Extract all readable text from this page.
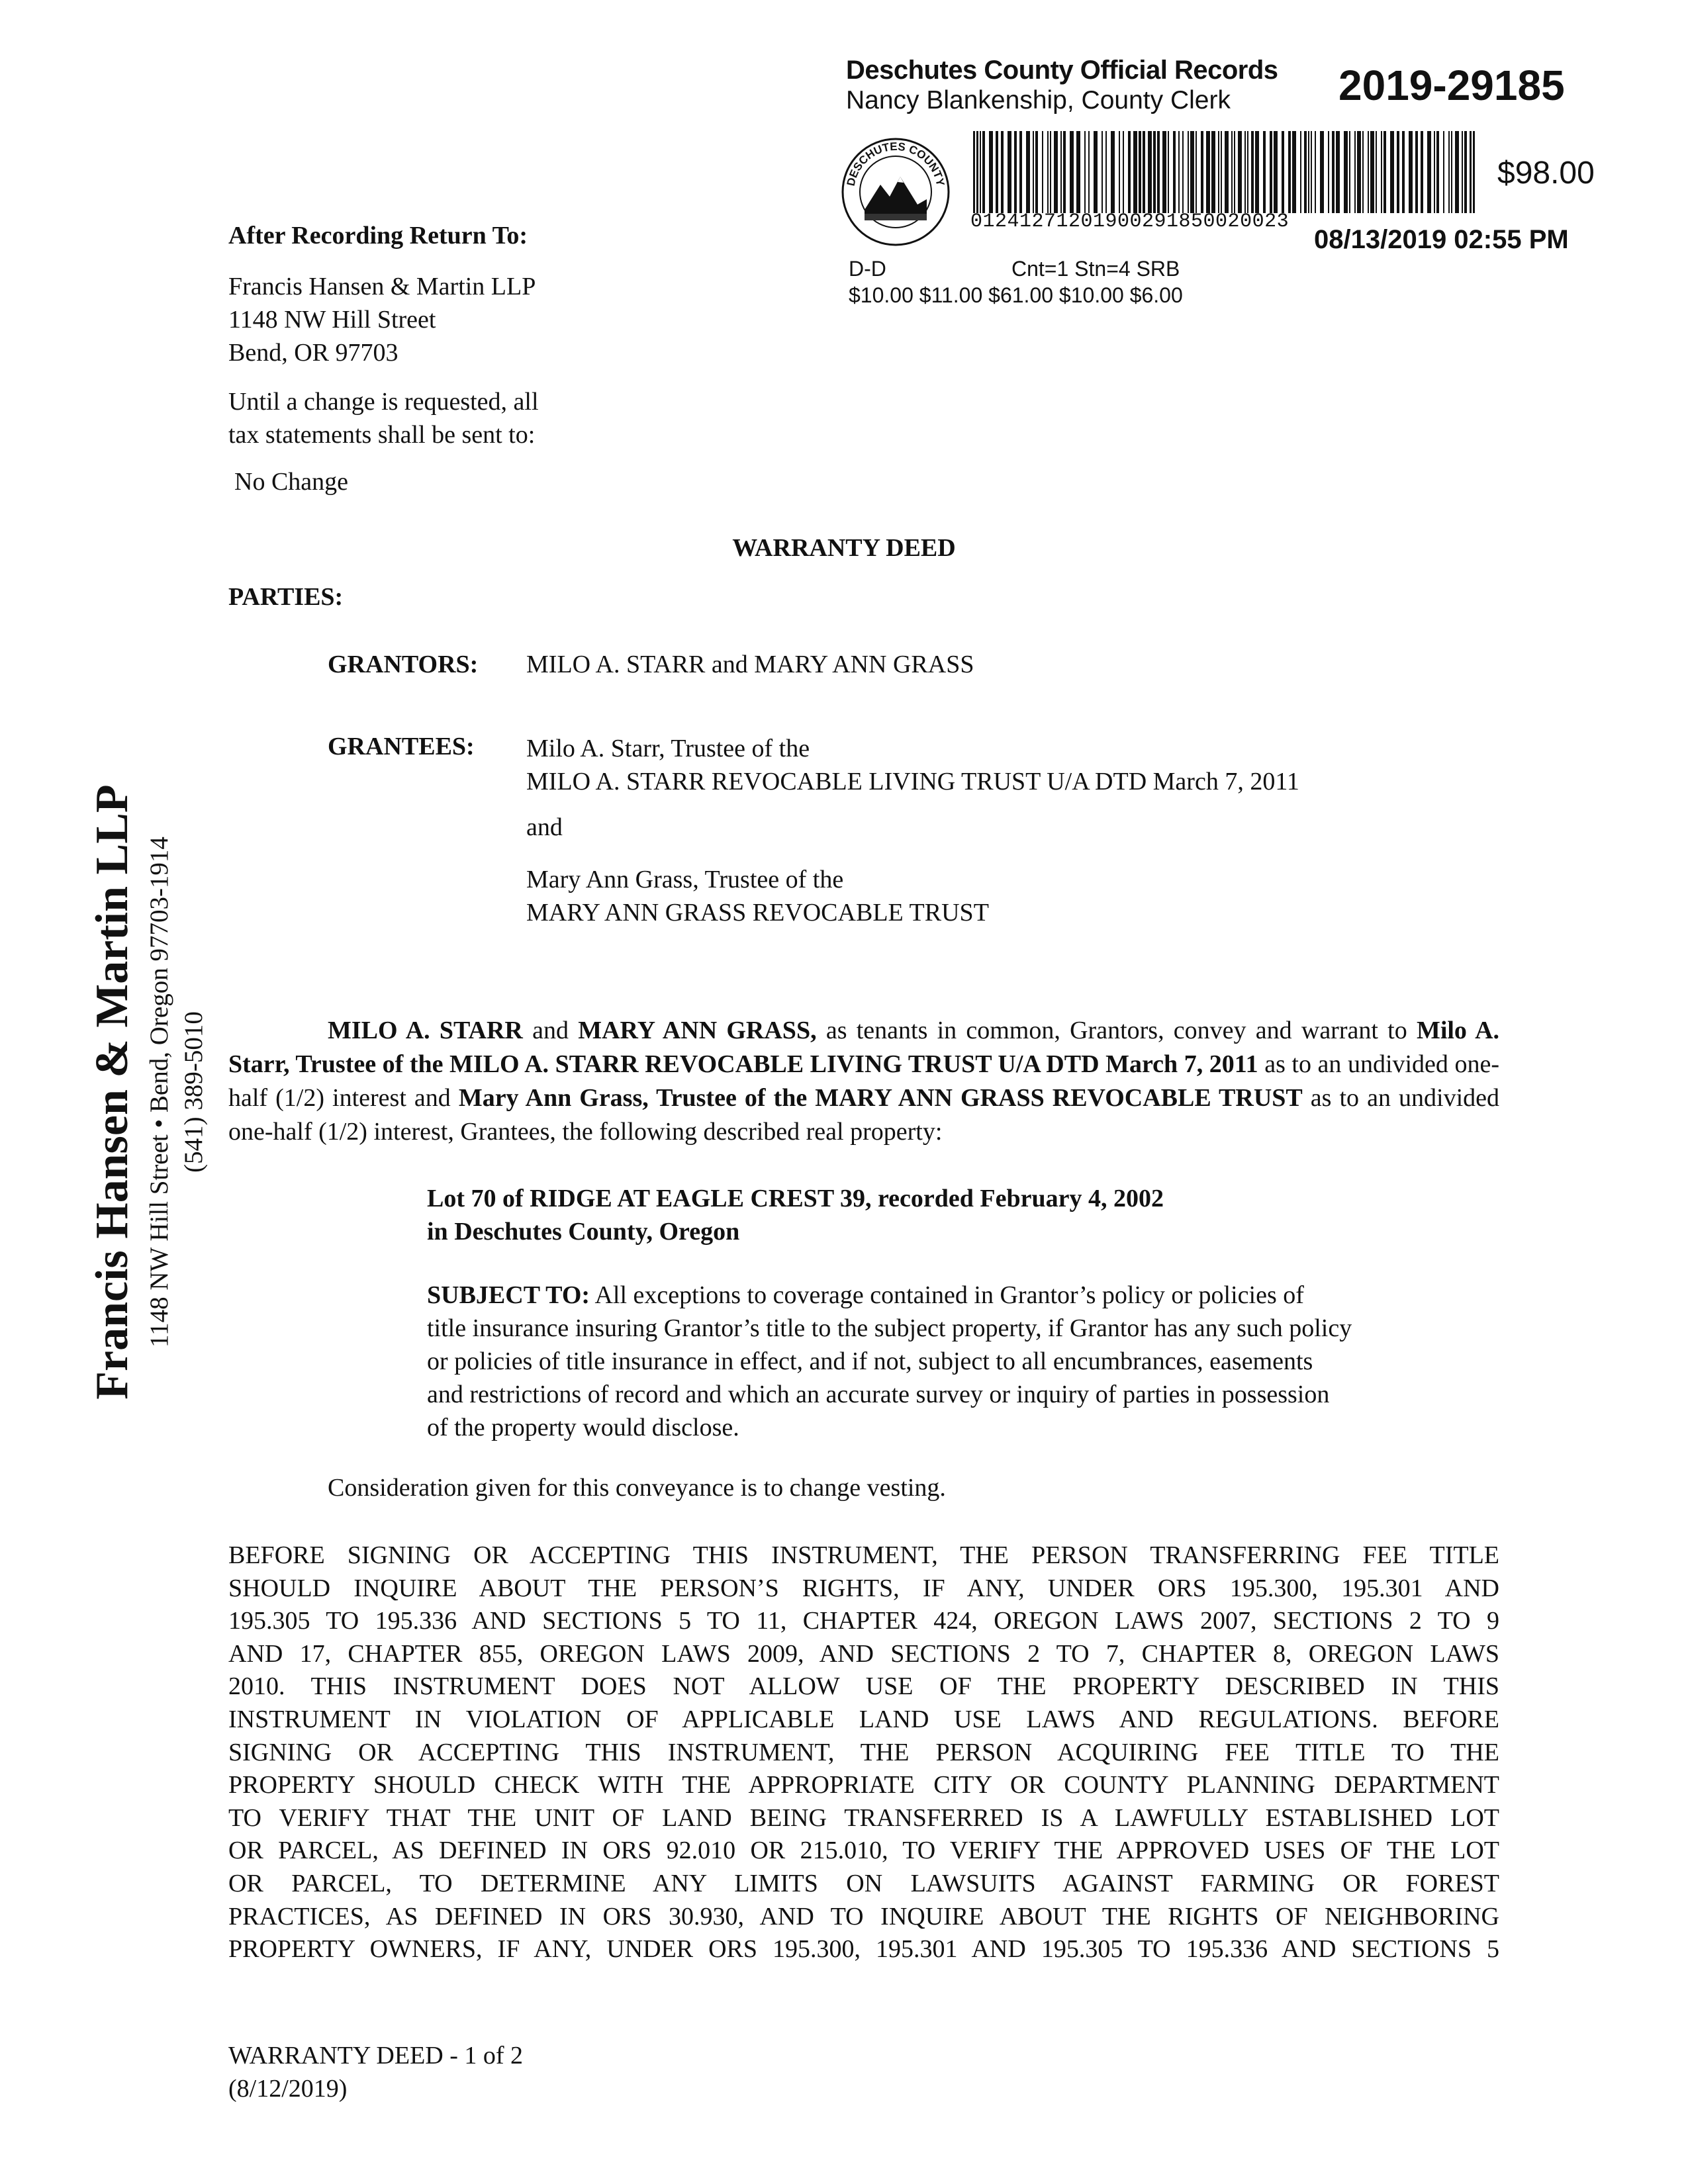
Deschutes County Official Records
Nancy Blankenship, County Clerk	2019-29185
DESCHUTES COUNTY
01241271201900291850020023
$98.00
08/13/2019 02:55 PM
D-D	Cnt=1 Stn=4 SRB
$10.00 $11.00 $61.00 $10.00 $6.00
After Recording Return To:
Francis Hansen & Martin LLP
1148 NW Hill Street
Bend, OR 97703
Until a change is requested, all
tax statements shall be sent to:
No Change
WARRANTY DEED
PARTIES:
GRANTORS: MILO A. STARR and MARY ANN GRASS
GRANTEES: Milo A. Starr, Trustee of the
MILO A. STARR REVOCABLE LIVING TRUST U/A DTD March 7, 2011
and
Mary Ann Grass, Trustee of the
MARY ANN GRASS REVOCABLE TRUST
Francis Hansen & Martin LLP 1148 NW Hill Street • Bend, Oregon 97703-1914 (541) 389-5010	MILO A. STARR and MARY ANN GRASS, as tenants in common, Grantors, convey and warrant to Milo A. Starr, Trustee of the MILO A. STARR REVOCABLE LIVING TRUST U/A DTD March 7, 2011 as to an undivided one-half (1/2) interest and Mary Ann Grass, Trustee of the MARY ANN GRASS REVOCABLE TRUST as to an undivided one-half (1/2) interest, Grantees, the following described real property:
Lot 70 of RIDGE AT EAGLE CREST 39, recorded February 4, 2002
in Deschutes County, Oregon
SUBJECT TO: All exceptions to coverage contained in Grantor’s policy or policies of
title insurance insuring Grantor’s title to the subject property, if Grantor has any such policy
or policies of title insurance in effect, and if not, subject to all encumbrances, easements
and restrictions of record and which an accurate survey or inquiry of parties in possession
of the property would disclose.
Consideration given for this conveyance is to change vesting.
BEFORE SIGNING OR ACCEPTING THIS INSTRUMENT, THE PERSON TRANSFERRING FEE TITLE
SHOULD INQUIRE ABOUT THE PERSON’S RIGHTS, IF ANY, UNDER ORS 195.300, 195.301 AND
195.305 TO 195.336 AND SECTIONS 5 TO 11, CHAPTER 424, OREGON LAWS 2007, SECTIONS 2 TO 9
AND 17, CHAPTER 855, OREGON LAWS 2009, AND SECTIONS 2 TO 7, CHAPTER 8, OREGON LAWS
2010. THIS INSTRUMENT DOES NOT ALLOW USE OF THE PROPERTY DESCRIBED IN THIS
INSTRUMENT IN VIOLATION OF APPLICABLE LAND USE LAWS AND REGULATIONS. BEFORE
SIGNING OR ACCEPTING THIS INSTRUMENT, THE PERSON ACQUIRING FEE TITLE TO THE
PROPERTY SHOULD CHECK WITH THE APPROPRIATE CITY OR COUNTY PLANNING DEPARTMENT
TO VERIFY THAT THE UNIT OF LAND BEING TRANSFERRED IS A LAWFULLY ESTABLISHED LOT
OR PARCEL, AS DEFINED IN ORS 92.010 OR 215.010, TO VERIFY THE APPROVED USES OF THE LOT
OR PARCEL, TO DETERMINE ANY LIMITS ON LAWSUITS AGAINST FARMING OR FOREST
PRACTICES, AS DEFINED IN ORS 30.930, AND TO INQUIRE ABOUT THE RIGHTS OF NEIGHBORING
PROPERTY OWNERS, IF ANY, UNDER ORS 195.300, 195.301 AND 195.305 TO 195.336 AND SECTIONS 5
WARRANTY DEED - 1 of 2
(8/12/2019)
